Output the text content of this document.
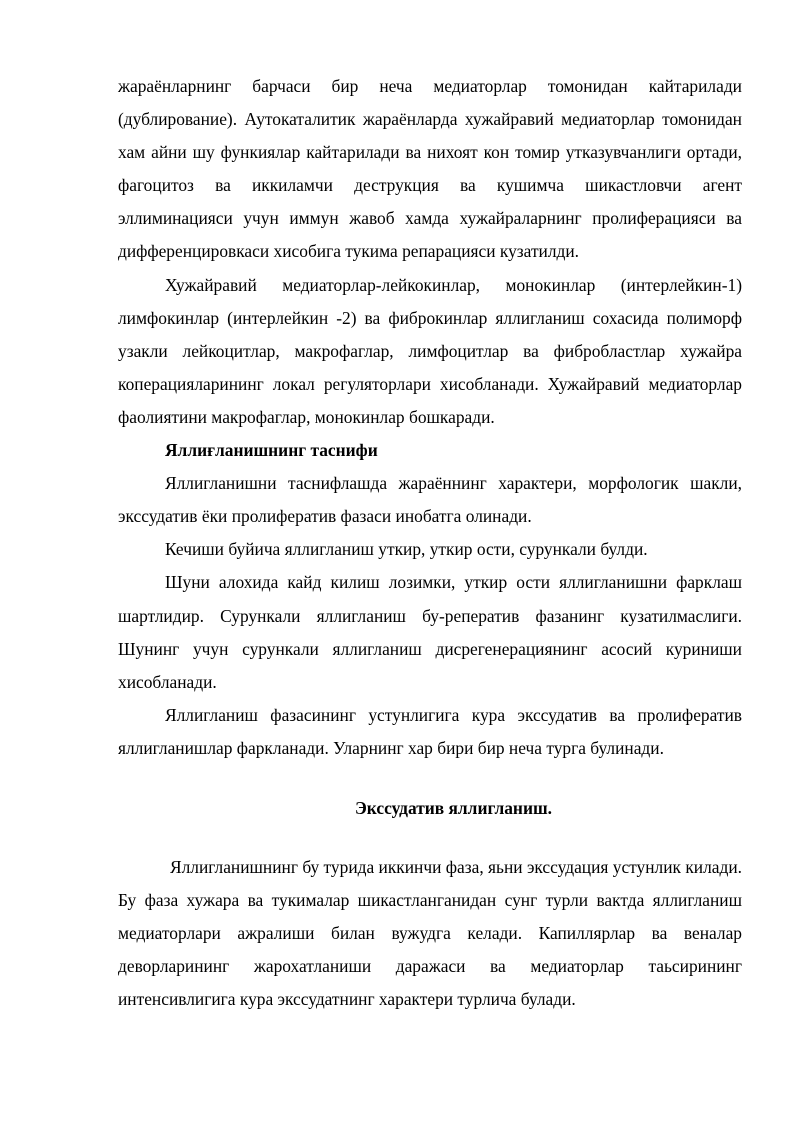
жараёнларнинг барчаси бир неча медиаторлар томонидан кайтарилади (дублирование). Аутокаталитик жараёнларда хужайравий медиаторлар томонидан хам айни шу функиялар кайтарилади ва нихоят кон томир утказувчанлиги ортади, фагоцитоз ва иккиламчи деструкция ва кушимча шикастловчи агент эллиминацияси учун иммун жавоб хамда хужайраларнинг пролиферацияси ва дифференцировкаси хисобига тукима репарацияси кузатилди.

Хужайравий медиаторлар-лейкокинлар, монокинлар (интерлейкин-1) лимфокинлар (интерлейкин -2) ва фиброкинлар яллигланиш сохасида полиморф узакли лейкоцитлар, макрофаглар, лимфоцитлар ва фибробластлар хужайра коперацияларининг локал регуляторлари хисобланади. Хужайравий медиаторлар фаолиятини макрофаглар, монокинлар бошкаради.

Яллиғланишнинг таснифи

Яллигланишни таснифлашда жараённинг характери, морфологик шакли, экссудатив ёки пролифератив фазаси инобатга олинади.

Кечиши буйича яллигланиш уткир, уткир ости, сурункали булди.

Шуни алохида кайд килиш лозимки, уткир ости яллигланишни фарклаш шартлидир. Сурункали яллигланиш бу-реператив фазанинг кузатилмаслиги. Шунинг учун сурункали яллигланиш дисрегенерациянинг асосий куриниши хисобланади.

Яллигланиш фазасининг устунлигига кура экссудатив ва пролифератив яллигланишлар фаркланади. Уларнинг хар бири бир неча турга булинади.

Экссудатив яллигланиш.

Яллигланишнинг бу турида иккинчи фаза, яьни экссудация устунлик килади. Бу фаза хужара ва тукималар шикастланганидан сунг турли вактда яллигланиш медиаторлари ажралиши билан вужудга келади. Капиллярлар ва веналар деворларининг жарохатланиши даражаси ва медиаторлар таьсирининг интенсивлигига кура экссудатнинг характери турлича булади.
